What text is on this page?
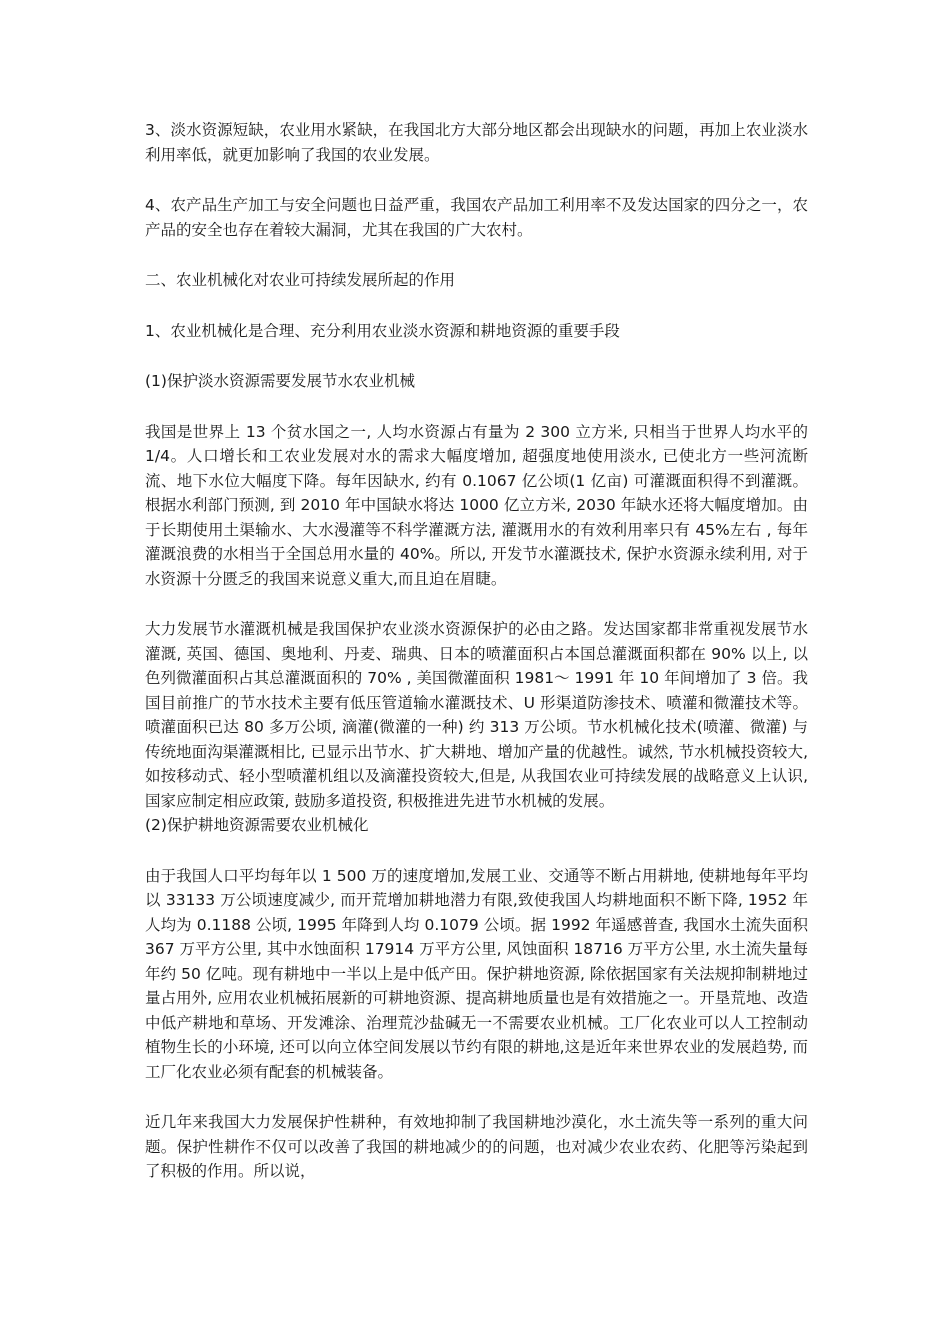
3、淡水资源短缺，农业用水紧缺，在我国北方大部分地区都会出现缺水的问题，再加上农业淡水利用率低，就更加影响了我国的农业发展。

4、农产品生产加工与安全问题也日益严重，我国农产品加工利用率不及发达国家的四分之一，农产品的安全也存在着较大漏洞，尤其在我国的广大农村。

二、农业机械化对农业可持续发展所起的作用

1、农业机械化是合理、充分利用农业淡水资源和耕地资源的重要手段

(1)保护淡水资源需要发展节水农业机械

我国是世界上 13 个贫水国之一, 人均水资源占有量为 2 300 立方米, 只相当于世界人均水平的 1/4。人口增长和工农业发展对水的需求大幅度增加, 超强度地使用淡水, 已使北方一些河流断流、地下水位大幅度下降。每年因缺水, 约有 0.1067 亿公顷(1 亿亩) 可灌溉面积得不到灌溉。根据水利部门预测, 到 2010 年中国缺水将达 1000 亿立方米, 2030 年缺水还将大幅度增加。由于长期使用土渠输水、大水漫灌等不科学灌溉方法, 灌溉用水的有效利用率只有 45%左右 , 每年灌溉浪费的水相当于全国总用水量的 40%。所以, 开发节水灌溉技术, 保护水资源永续利用, 对于水资源十分匮乏的我国来说意义重大,而且迫在眉睫。

大力发展节水灌溉机械是我国保护农业淡水资源保护的必由之路。发达国家都非常重视发展节水灌溉, 英国、德国、奥地利、丹麦、瑞典、日本的喷灌面积占本国总灌溉面积都在 90% 以上, 以色列微灌面积占其总灌溉面积的 70% , 美国微灌面积 1981～ 1991 年 10 年间增加了 3 倍。我国目前推广的节水技术主要有低压管道输水灌溉技术、U 形渠道防渗技术、喷灌和微灌技术等。喷灌面积已达 80 多万公顷, 滴灌(微灌的一种) 约 313 万公顷。节水机械化技术(喷灌、微灌) 与传统地面沟渠灌溉相比, 已显示出节水、扩大耕地、增加产量的优越性。诚然, 节水机械投资较大,如按移动式、轻小型喷灌机组以及滴灌投资较大,但是, 从我国农业可持续发展的战略意义上认识, 国家应制定相应政策, 鼓励多道投资, 积极推进先进节水机械的发展。

(2)保护耕地资源需要农业机械化

由于我国人口平均每年以 1 500 万的速度增加,发展工业、交通等不断占用耕地, 使耕地每年平均以 33133 万公顷速度减少, 而开荒增加耕地潜力有限,致使我国人均耕地面积不断下降, 1952 年人均为 0.1188 公顷, 1995 年降到人均 0.1079 公顷。据 1992 年遥感普查, 我国水土流失面积 367 万平方公里, 其中水蚀面积 17914 万平方公里, 风蚀面积 18716 万平方公里, 水土流失量每年约 50 亿吨。现有耕地中一半以上是中低产田。保护耕地资源, 除依据国家有关法规抑制耕地过量占用外, 应用农业机械拓展新的可耕地资源、提高耕地质量也是有效措施之一。开垦荒地、改造中低产耕地和草场、开发滩涂、治理荒沙盐碱无一不需要农业机械。工厂化农业可以人工控制动植物生长的小环境, 还可以向立体空间发展以节约有限的耕地,这是近年来世界农业的发展趋势, 而工厂化农业必须有配套的机械装备。

近几年来我国大力发展保护性耕种，有效地抑制了我国耕地沙漠化，水土流失等一系列的重大问题。保护性耕作不仅可以改善了我国的耕地减少的的问题，也对减少农业农药、化肥等污染起到了积极的作用。所以说，
